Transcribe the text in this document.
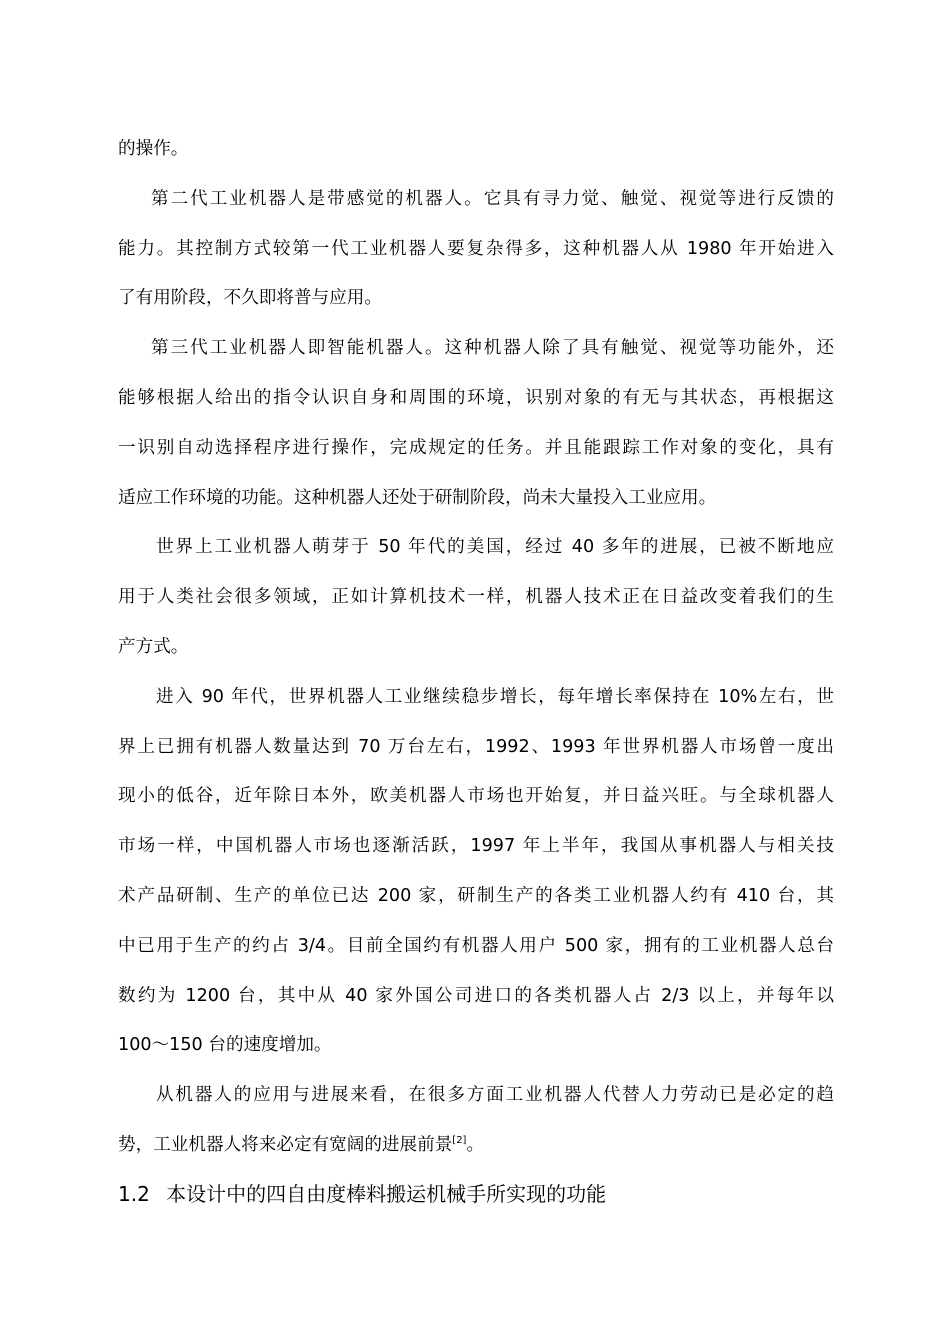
的操作。
第二代工业机器人是带感觉的机器人。它具有寻力觉、触觉、视觉等进行反馈的
能力。其控制方式较第一代工业机器人要复杂得多，这种机器人从 1980 年开始进入
了有用阶段，不久即将普与应用。
第三代工业机器人即智能机器人。这种机器人除了具有触觉、视觉等功能外，还
能够根据人给出的指令认识自身和周围的环境，识别对象的有无与其状态，再根据这
一识别自动选择程序进行操作，完成规定的任务。并且能跟踪工作对象的变化，具有
适应工作环境的功能。这种机器人还处于研制阶段，尚未大量投入工业应用。
世界上工业机器人萌芽于 50 年代的美国，经过 40 多年的进展，已被不断地应
用于人类社会很多领域，正如计算机技术一样，机器人技术正在日益改变着我们的生
产方式。
进入 90 年代，世界机器人工业继续稳步增长，每年增长率保持在 10%左右，世
界上已拥有机器人数量达到 70 万台左右，1992、1993 年世界机器人市场曾一度出
现小的低谷，近年除日本外，欧美机器人市场也开始复，并日益兴旺。与全球机器人
市场一样，中国机器人市场也逐渐活跃，1997 年上半年，我国从事机器人与相关技
术产品研制、生产的单位已达 200 家，研制生产的各类工业机器人约有 410 台，其
中已用于生产的约占 3/4。目前全国约有机器人用户 500 家，拥有的工业机器人总台
数约为 1200 台，其中从 40 家外国公司进口的各类机器人占 2/3 以上，并每年以
100～150 台的速度增加。
从机器人的应用与进展来看，在很多方面工业机器人代替人力劳动已是必定的趋
势，工业机器人将来必定有宽阔的进展前景[2]。
1.2 本设计中的四自由度棒料搬运机械手所实现的功能
